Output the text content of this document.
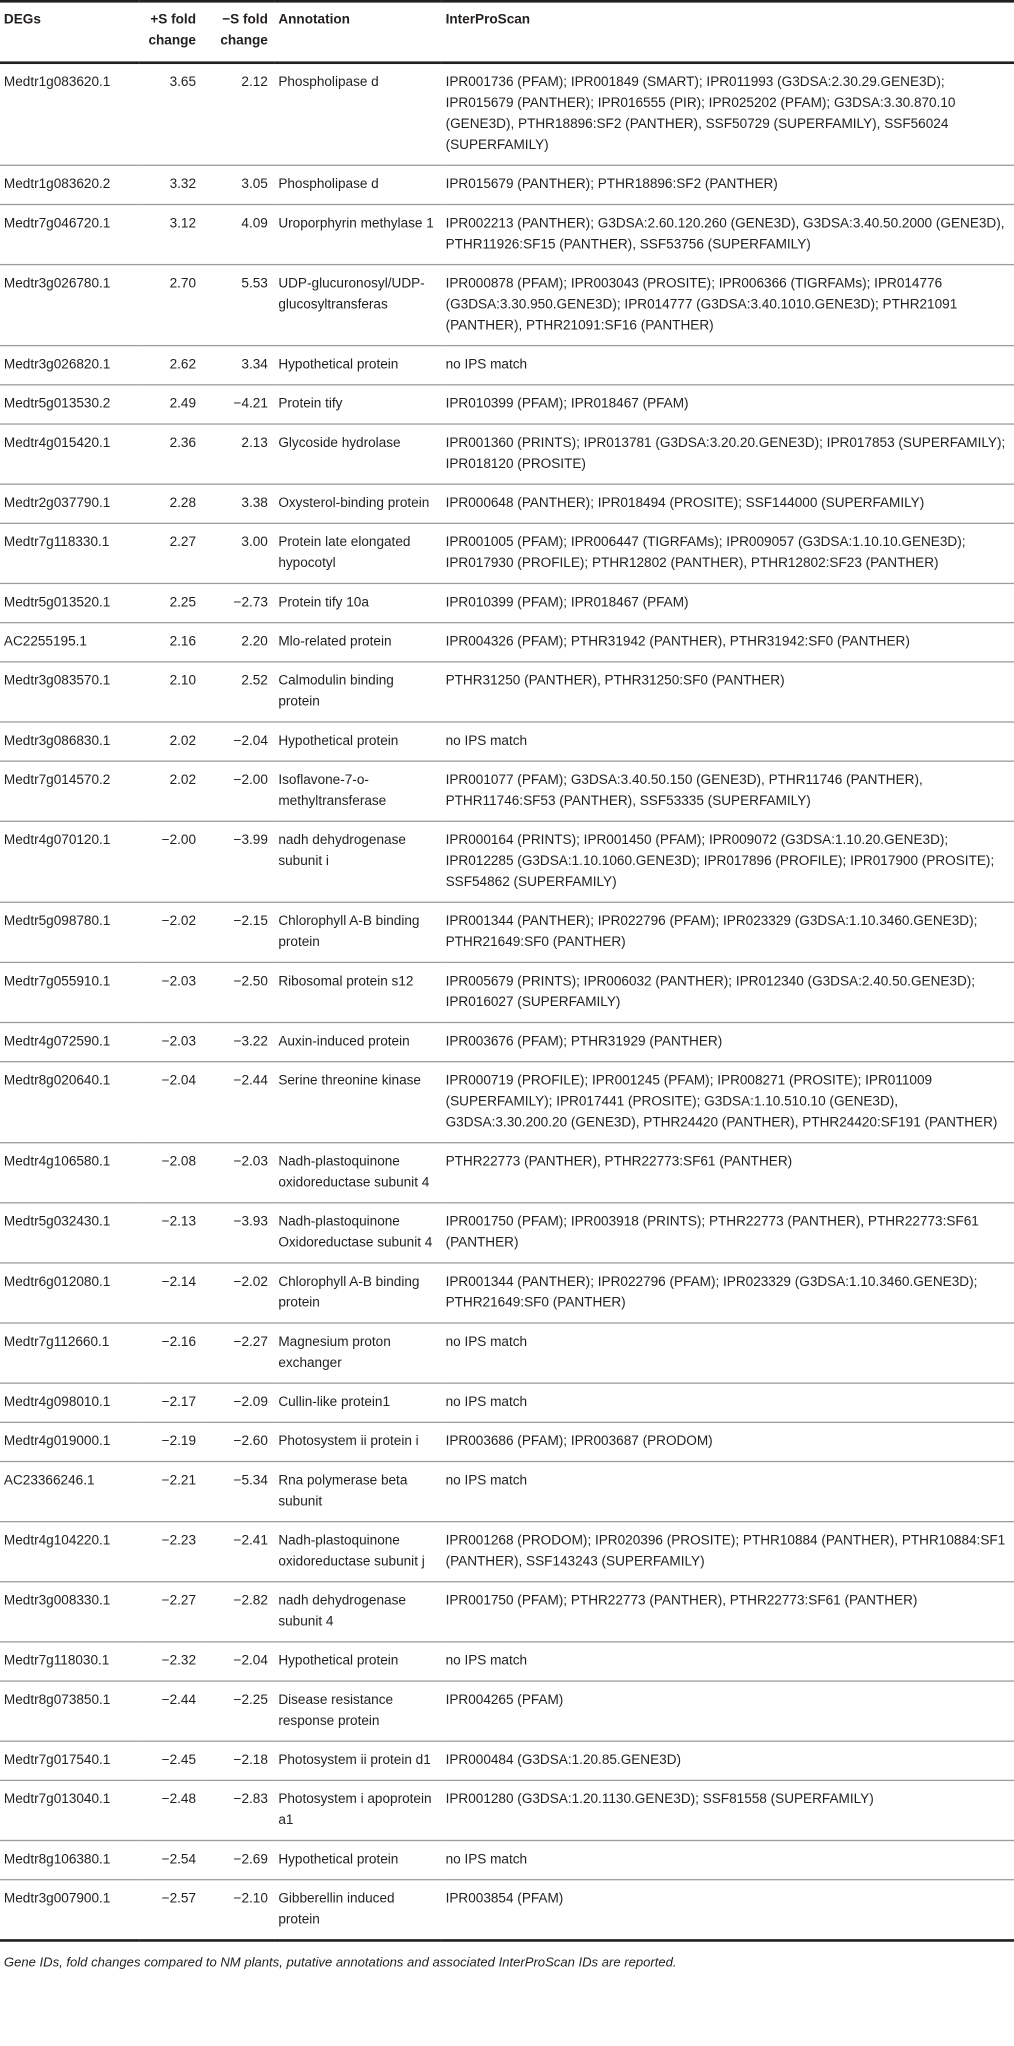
DEGs	+S fold change	−S fold change	Annotation	InterProScan
Medtr1g083620.1	3.65	2.12	Phospholipase d	IPR001736 (PFAM); IPR001849 (SMART); IPR011993 (G3DSA:2.30.29.GENE3D); IPR015679 (PANTHER); IPR016555 (PIR); IPR025202 (PFAM); G3DSA:3.30.870.10 (GENE3D), PTHR18896:SF2 (PANTHER), SSF50729 (SUPERFAMILY), SSF56024 (SUPERFAMILY)
Medtr1g083620.2	3.32	3.05	Phospholipase d	IPR015679 (PANTHER); PTHR18896:SF2 (PANTHER)
Medtr7g046720.1	3.12	4.09	Uroporphyrin methylase 1	IPR002213 (PANTHER); G3DSA:2.60.120.260 (GENE3D), G3DSA:3.40.50.2000 (GENE3D), PTHR11926:SF15 (PANTHER), SSF53756 (SUPERFAMILY)
Medtr3g026780.1	2.70	5.53	UDP-glucuronosyl/UDP-glucosyltransferas	IPR000878 (PFAM); IPR003043 (PROSITE); IPR006366 (TIGRFAMs); IPR014776 (G3DSA:3.30.950.GENE3D); IPR014777 (G3DSA:3.40.1010.GENE3D); PTHR21091 (PANTHER), PTHR21091:SF16 (PANTHER)
Medtr3g026820.1	2.62	3.34	Hypothetical protein	no IPS match
Medtr5g013530.2	2.49	−4.21	Protein tify	IPR010399 (PFAM); IPR018467 (PFAM)
Medtr4g015420.1	2.36	2.13	Glycoside hydrolase	IPR001360 (PRINTS); IPR013781 (G3DSA:3.20.20.GENE3D); IPR017853 (SUPERFAMILY); IPR018120 (PROSITE)
Medtr2g037790.1	2.28	3.38	Oxysterol-binding protein	IPR000648 (PANTHER); IPR018494 (PROSITE); SSF144000 (SUPERFAMILY)
Medtr7g118330.1	2.27	3.00	Protein late elongated hypocotyl	IPR001005 (PFAM); IPR006447 (TIGRFAMs); IPR009057 (G3DSA:1.10.10.GENE3D); IPR017930 (PROFILE); PTHR12802 (PANTHER), PTHR12802:SF23 (PANTHER)
Medtr5g013520.1	2.25	−2.73	Protein tify 10a	IPR010399 (PFAM); IPR018467 (PFAM)
AC2255195.1	2.16	2.20	Mlo-related protein	IPR004326 (PFAM); PTHR31942 (PANTHER), PTHR31942:SF0 (PANTHER)
Medtr3g083570.1	2.10	2.52	Calmodulin binding protein	PTHR31250 (PANTHER), PTHR31250:SF0 (PANTHER)
Medtr3g086830.1	2.02	−2.04	Hypothetical protein	no IPS match
Medtr7g014570.2	2.02	−2.00	Isoflavone-7-o-methyltransferase	IPR001077 (PFAM); G3DSA:3.40.50.150 (GENE3D), PTHR11746 (PANTHER), PTHR11746:SF53 (PANTHER), SSF53335 (SUPERFAMILY)
Medtr4g070120.1	−2.00	−3.99	nadh dehydrogenase subunit i	IPR000164 (PRINTS); IPR001450 (PFAM); IPR009072 (G3DSA:1.10.20.GENE3D); IPR012285 (G3DSA:1.10.1060.GENE3D); IPR017896 (PROFILE); IPR017900 (PROSITE); SSF54862 (SUPERFAMILY)
Medtr5g098780.1	−2.02	−2.15	Chlorophyll A-B binding protein	IPR001344 (PANTHER); IPR022796 (PFAM); IPR023329 (G3DSA:1.10.3460.GENE3D); PTHR21649:SF0 (PANTHER)
Medtr7g055910.1	−2.03	−2.50	Ribosomal protein s12	IPR005679 (PRINTS); IPR006032 (PANTHER); IPR012340 (G3DSA:2.40.50.GENE3D); IPR016027 (SUPERFAMILY)
Medtr4g072590.1	−2.03	−3.22	Auxin-induced protein	IPR003676 (PFAM); PTHR31929 (PANTHER)
Medtr8g020640.1	−2.04	−2.44	Serine threonine kinase	IPR000719 (PROFILE); IPR001245 (PFAM); IPR008271 (PROSITE); IPR011009 (SUPERFAMILY); IPR017441 (PROSITE); G3DSA:1.10.510.10 (GENE3D), G3DSA:3.30.200.20 (GENE3D), PTHR24420 (PANTHER), PTHR24420:SF191 (PANTHER)
Medtr4g106580.1	−2.08	−2.03	Nadh-plastoquinone oxidoreductase subunit 4	PTHR22773 (PANTHER), PTHR22773:SF61 (PANTHER)
Medtr5g032430.1	−2.13	−3.93	Nadh-plastoquinone Oxidoreductase subunit 4	IPR001750 (PFAM); IPR003918 (PRINTS); PTHR22773 (PANTHER), PTHR22773:SF61 (PANTHER)
Medtr6g012080.1	−2.14	−2.02	Chlorophyll A-B binding protein	IPR001344 (PANTHER); IPR022796 (PFAM); IPR023329 (G3DSA:1.10.3460.GENE3D); PTHR21649:SF0 (PANTHER)
Medtr7g112660.1	−2.16	−2.27	Magnesium proton exchanger	no IPS match
Medtr4g098010.1	−2.17	−2.09	Cullin-like protein1	no IPS match
Medtr4g019000.1	−2.19	−2.60	Photosystem ii protein i	IPR003686 (PFAM); IPR003687 (PRODOM)
AC23366246.1	−2.21	−5.34	Rna polymerase beta subunit	no IPS match
Medtr4g104220.1	−2.23	−2.41	Nadh-plastoquinone oxidoreductase subunit j	IPR001268 (PRODOM); IPR020396 (PROSITE); PTHR10884 (PANTHER), PTHR10884:SF1 (PANTHER), SSF143243 (SUPERFAMILY)
Medtr3g008330.1	−2.27	−2.82	nadh dehydrogenase subunit 4	IPR001750 (PFAM); PTHR22773 (PANTHER), PTHR22773:SF61 (PANTHER)
Medtr7g118030.1	−2.32	−2.04	Hypothetical protein	no IPS match
Medtr8g073850.1	−2.44	−2.25	Disease resistance response protein	IPR004265 (PFAM)
Medtr7g017540.1	−2.45	−2.18	Photosystem ii protein d1	IPR000484 (G3DSA:1.20.85.GENE3D)
Medtr7g013040.1	−2.48	−2.83	Photosystem i apoprotein a1	IPR001280 (G3DSA:1.20.1130.GENE3D); SSF81558 (SUPERFAMILY)
Medtr8g106380.1	−2.54	−2.69	Hypothetical protein	no IPS match
Medtr3g007900.1	−2.57	−2.10	Gibberellin induced protein	IPR003854 (PFAM)
Gene IDs, fold changes compared to NM plants, putative annotations and associated InterProScan IDs are reported.
